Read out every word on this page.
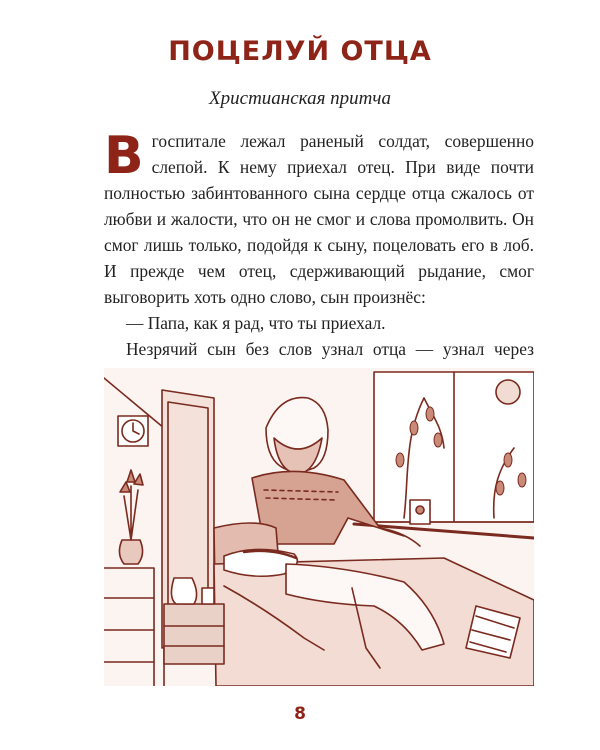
ПОЦЕЛУЙ ОТЦА
Христианская притча

Вгоспитале лежал раненый солдат, совершенно слепой. К нему приехал отец. При виде почти полностью забинтованного сына сердце отца сжалось от любви и жалости, что он не смог и слова промолвить. Он смог лишь только, подойдя к сыну, поцеловать его в лоб. И прежде чем отец, сдерживающий рыдание, смог выговорить хоть одно слово, сын произнёс:

— Папа, как я рад, что ты приехал.

Незрячий сын без слов узнал отца — узнал через

8
